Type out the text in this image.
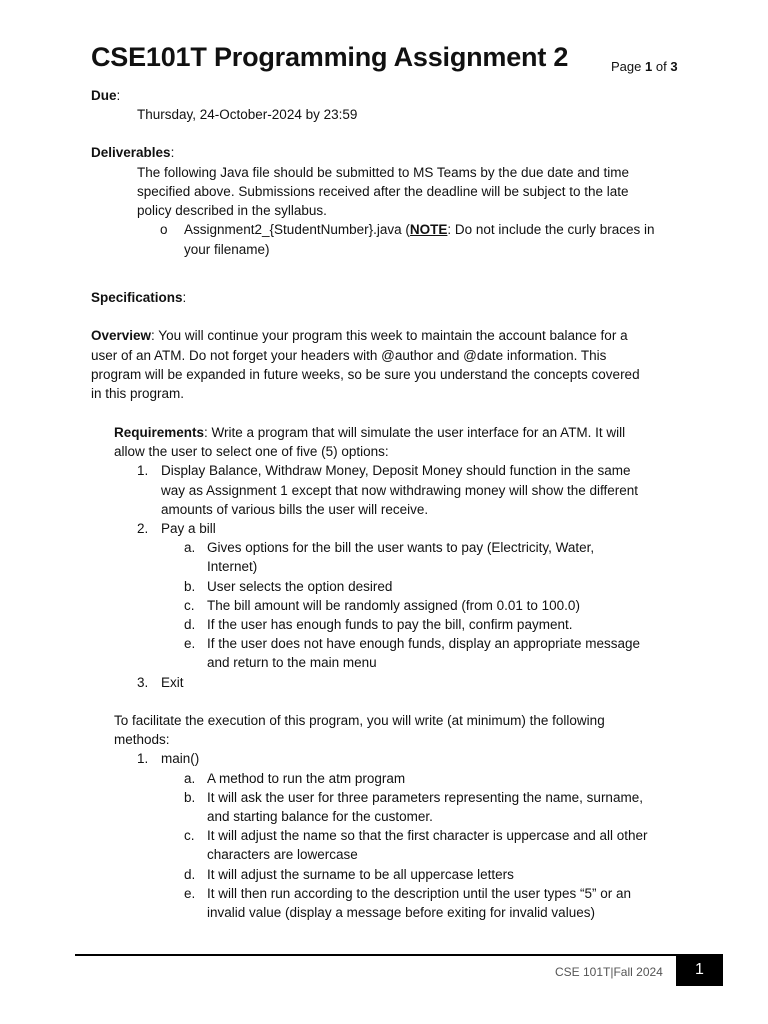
CSE101T Programming Assignment 2	Page 1 of 3
Due:
Thursday, 24-October-2024 by 23:59
Deliverables:
The following Java file should be submitted to MS Teams by the due date and time
specified above. Submissions received after the deadline will be subject to the late
policy described in the syllabus.
o Assignment2_{StudentNumber}.java (NOTE: Do not include the curly braces in
your filename)
Specifications:
Overview: You will continue your program this week to maintain the account balance for a
user of an ATM. Do not forget your headers with @author and @date information. This
program will be expanded in future weeks, so be sure you understand the concepts covered
in this program.
Requirements: Write a program that will simulate the user interface for an ATM. It will
allow the user to select one of five (5) options:
1. Display Balance, Withdraw Money, Deposit Money should function in the same
way as Assignment 1 except that now withdrawing money will show the different
amounts of various bills the user will receive.
2. Pay a bill
a. Gives options for the bill the user wants to pay (Electricity, Water,
Internet)
b. User selects the option desired
c. The bill amount will be randomly assigned (from 0.01 to 100.0)
d. If the user has enough funds to pay the bill, confirm payment.
e. If the user does not have enough funds, display an appropriate message
and return to the main menu
3. Exit
To facilitate the execution of this program, you will write (at minimum) the following
methods:
1. main()
a. A method to run the atm program
b. It will ask the user for three parameters representing the name, surname,
and starting balance for the customer.
c. It will adjust the name so that the first character is uppercase and all other
characters are lowercase
d. It will adjust the surname to be all uppercase letters
e. It will then run according to the description until the user types “5” or an
invalid value (display a message before exiting for invalid values)
CSE 101T|Fall 2024	1
